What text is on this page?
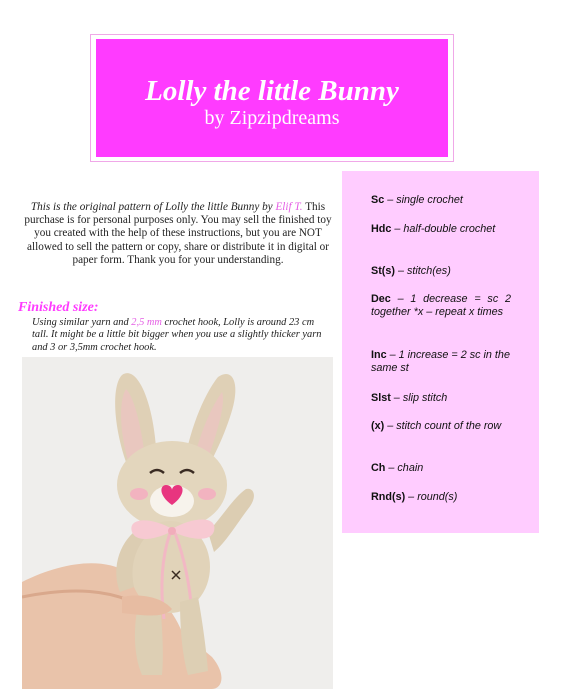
Lolly the little Bunny
by Zipzipdreams
This is the original pattern of Lolly the little Bunny by Elif T. This purchase is for personal purposes only. You may sell the finished toy you created with the help of these instructions, but you are NOT allowed to sell the pattern or copy, share or distribute it in digital or paper form. Thank you for your understanding.
Finished size:
Using similar yarn and 2,5 mm crochet hook, Lolly is around 23 cm tall. It might be a little bit bigger when you use a slightly thicker yarn and 3 or 3,5mm crochet hook.
Sc – single crochet
Hdc – half-double crochet
St(s) – stitch(es)
Dec – 1 decrease = sc 2 together *x – repeat x times
Inc – 1 increase = 2 sc in the same st
Slst – slip stitch
(x) – stitch count of the row
Ch – chain
Rnd(s) – round(s)
